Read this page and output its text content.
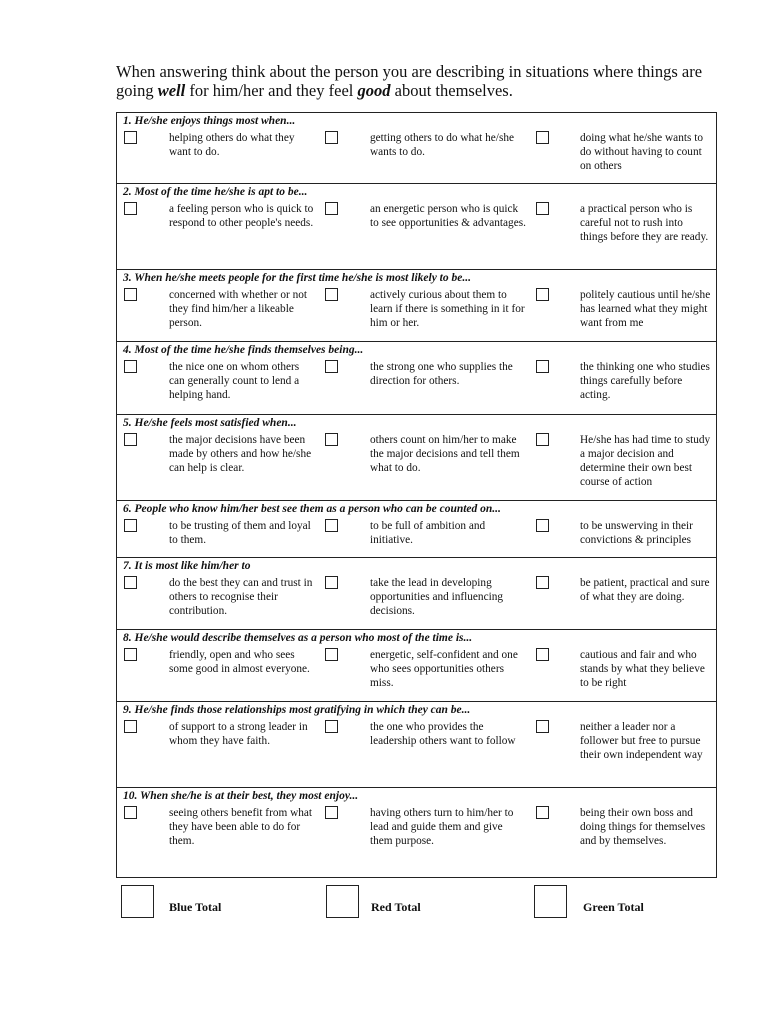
When answering think about the person you are describing in situations where things are going well for him/her and they feel good about themselves.
1. He/she enjoys things most when...
helping others do what they want to do.
getting others to do what he/she wants to do.
doing what he/she wants to do without having to count on others
2. Most of the time he/she is apt to be...
a feeling person who is quick to respond to other people's needs.
an energetic person who is quick to see opportunities & advantages.
a practical person who is careful not to rush into things before they are ready.
3. When he/she meets people for the first time he/she is most likely to be...
concerned with whether or not they find him/her a likeable person.
actively curious about them to learn if there is something in it for him or her.
politely cautious until he/she has learned what they might want from me
4. Most of the time he/she finds themselves being...
the nice one on whom others can generally count to lend a helping hand.
the strong one who supplies the direction for others.
the thinking one who studies things carefully before acting.
5. He/she feels most satisfied when...
the major decisions have been made by others and how he/she can help is clear.
others count on him/her to make the major decisions and tell them what to do.
He/she has had time to study a major decision and determine their own best course of action
6. People who know him/her best see them as a person who can be counted on...
to be trusting of them and loyal to them.
to be full of ambition and initiative.
to be unswerving in their convictions & principles
7. It is most like him/her to
do the best they can and trust in others to recognise their contribution.
take the lead in developing opportunities and influencing decisions.
be patient, practical and sure of what they are doing.
8. He/she would describe themselves as a person who most of the time is...
friendly, open and who sees some good in almost everyone.
energetic, self-confident and one who sees opportunities others miss.
cautious and fair and who stands by what they believe to be right
9. He/she finds those relationships most gratifying in which they can be...
of support to a strong leader in whom they have faith.
the one who provides the leadership others want to follow
neither a leader nor a follower but free to pursue their own independent way
10. When she/he is at their best, they most enjoy...
seeing others benefit from what they have been able to do for them.
having others turn to him/her to lead and guide them and give them purpose.
being their own boss and doing things for themselves and by themselves.
Blue Total	Red Total	Green Total
